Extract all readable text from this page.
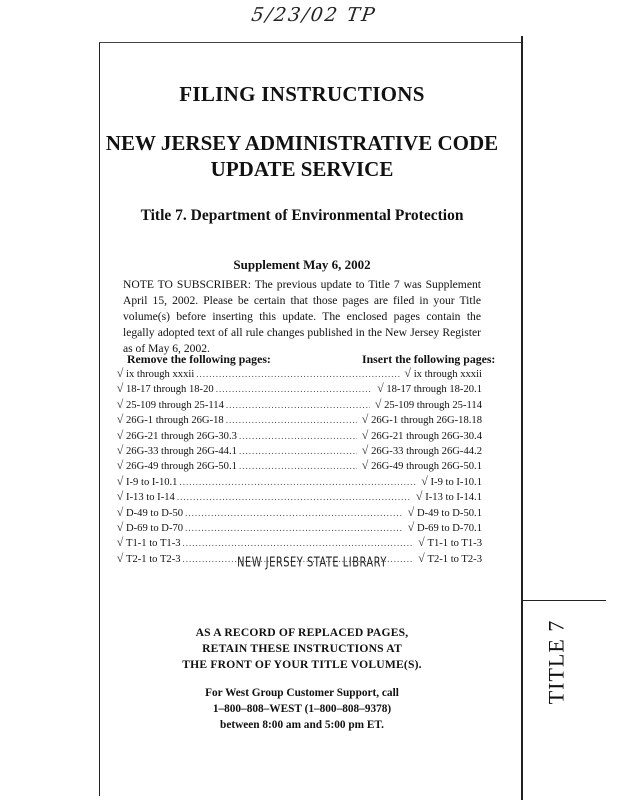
5/23/02 TP
TITLE 7
FILING INSTRUCTIONS
NEW JERSEY ADMINISTRATIVE CODE
UPDATE SERVICE
Title 7. Department of Environmental Protection
Supplement May 6, 2002
NOTE TO SUBSCRIBER: The previous update to Title 7 was Supplement April 15, 2002. Please be certain that those pages are filed in your Title volume(s) before inserting this update. The enclosed pages contain the legally adopted text of all rule changes published in the New Jersey Register as of May 6, 2002.
Remove the following pages:	Insert the following pages:
√ ix through xxxii .....	√ ix through xxxii
√ 18-17 through 18-20 .....	√ 18-17 through 18-20.1
√ 25-109 through 25-114 .....	√ 25-109 through 25-114
√ 26G-1 through 26G-18 .....	√ 26G-1 through 26G-18.18
√ 26G-21 through 26G-30.3 .....	√ 26G-21 through 26G-30.4
√ 26G-33 through 26G-44.1 .....	√ 26G-33 through 26G-44.2
√ 26G-49 through 26G-50.1 .....	√ 26G-49 through 26G-50.1
√ I-9 to I-10.1 .....	√ I-9 to I-10.1
√ I-13 to I-14 .....	√ I-13 to I-14.1
√ D-49 to D-50 .....	√ D-49 to D-50.1
√ D-69 to D-70 .....	√ D-69 to D-70.1
√ T1-1 to T1-3 .....	√ T1-1 to T1-3
√ T2-1 to T2-3 .....	√ T2-1 to T2-3
NEW JERSEY STATE LIBRARY
AS A RECORD OF REPLACED PAGES,
RETAIN THESE INSTRUCTIONS AT
THE FRONT OF YOUR TITLE VOLUME(S).
For West Group Customer Support, call
1–800–808–WEST (1–800–808–9378)
between 8:00 am and 5:00 pm ET.
